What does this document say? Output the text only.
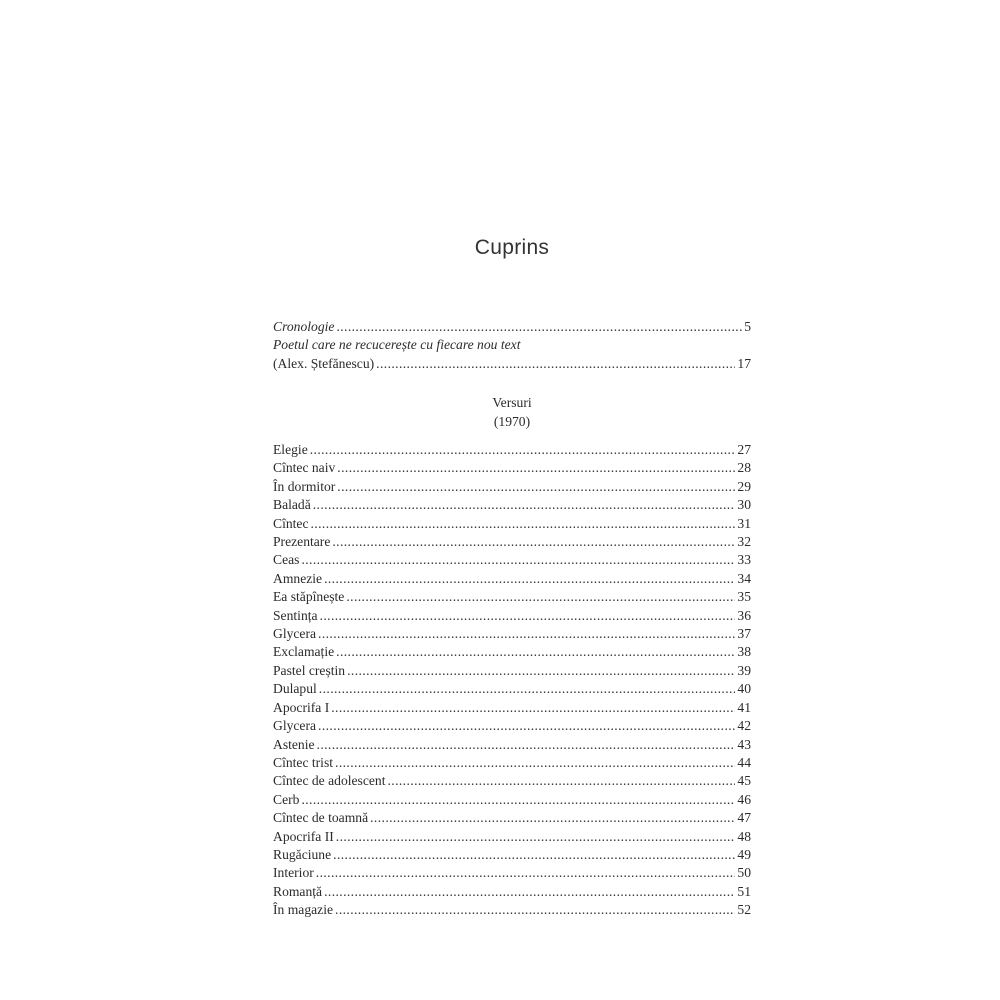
Cuprins
Cronologie .....	5
Poetul care ne recucerește cu fiecare nou text
(Alex. Ștefănescu) .....	17
Versuri
(1970)
Elegie .....	27
Cîntec naiv .....	28
În dormitor .....	29
Baladă .....	30
Cîntec .....	31
Prezentare .....	32
Ceas .....	33
Amnezie .....	34
Ea stăpînește .....	35
Sentința .....	36
Glycera .....	37
Exclamație .....	38
Pastel creștin .....	39
Dulapul .....	40
Apocrifa I .....	41
Glycera .....	42
Astenie .....	43
Cîntec trist .....	44
Cîntec de adolescent .....	45
Cerb .....	46
Cîntec de toamnă .....	47
Apocrifa II .....	48
Rugăciune .....	49
Interior .....	50
Romanță .....	51
În magazie .....	52
